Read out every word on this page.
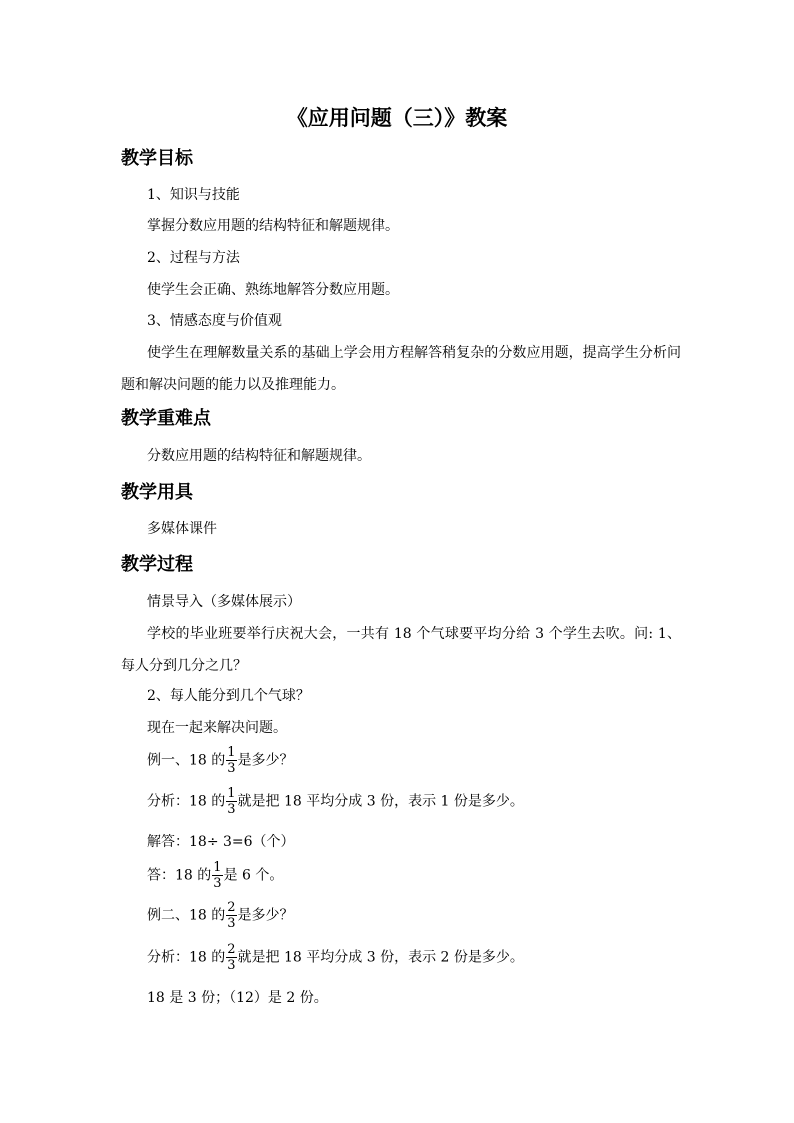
《应用问题（三）》教案
教学目标
1、知识与技能
掌握分数应用题的结构特征和解题规律。
2、过程与方法
使学生会正确、熟练地解答分数应用题。
3、情感态度与价值观
使学生在理解数量关系的基础上学会用方程解答稍复杂的分数应用题，提高学生分析问题和解决问题的能力以及推理能力。
教学重难点
分数应用题的结构特征和解题规律。
教学用具
多媒体课件
教学过程
情景导入（多媒体展示）
学校的毕业班要举行庆祝大会，一共有 18 个气球要平均分给 3 个学生去吹。问: 1、每人分到几分之几？
2、每人能分到几个气球？
现在一起来解决问题。
例一、18 的 $\frac{1}{3}$ 是多少？
分析：18 的 $\frac{1}{3}$ 就是把 18 平均分成 3 份，表示 1 份是多少。
解答：18÷ 3=6（个）
答：18 的 $\frac{1}{3}$ 是 6 个。
例二、18 的 $\frac{2}{3}$ 是多少？
分析：18 的 $\frac{2}{3}$ 就是把 18 平均分成 3 份，表示 2 份是多少。
18 是 3 份；（12）是 2 份。
